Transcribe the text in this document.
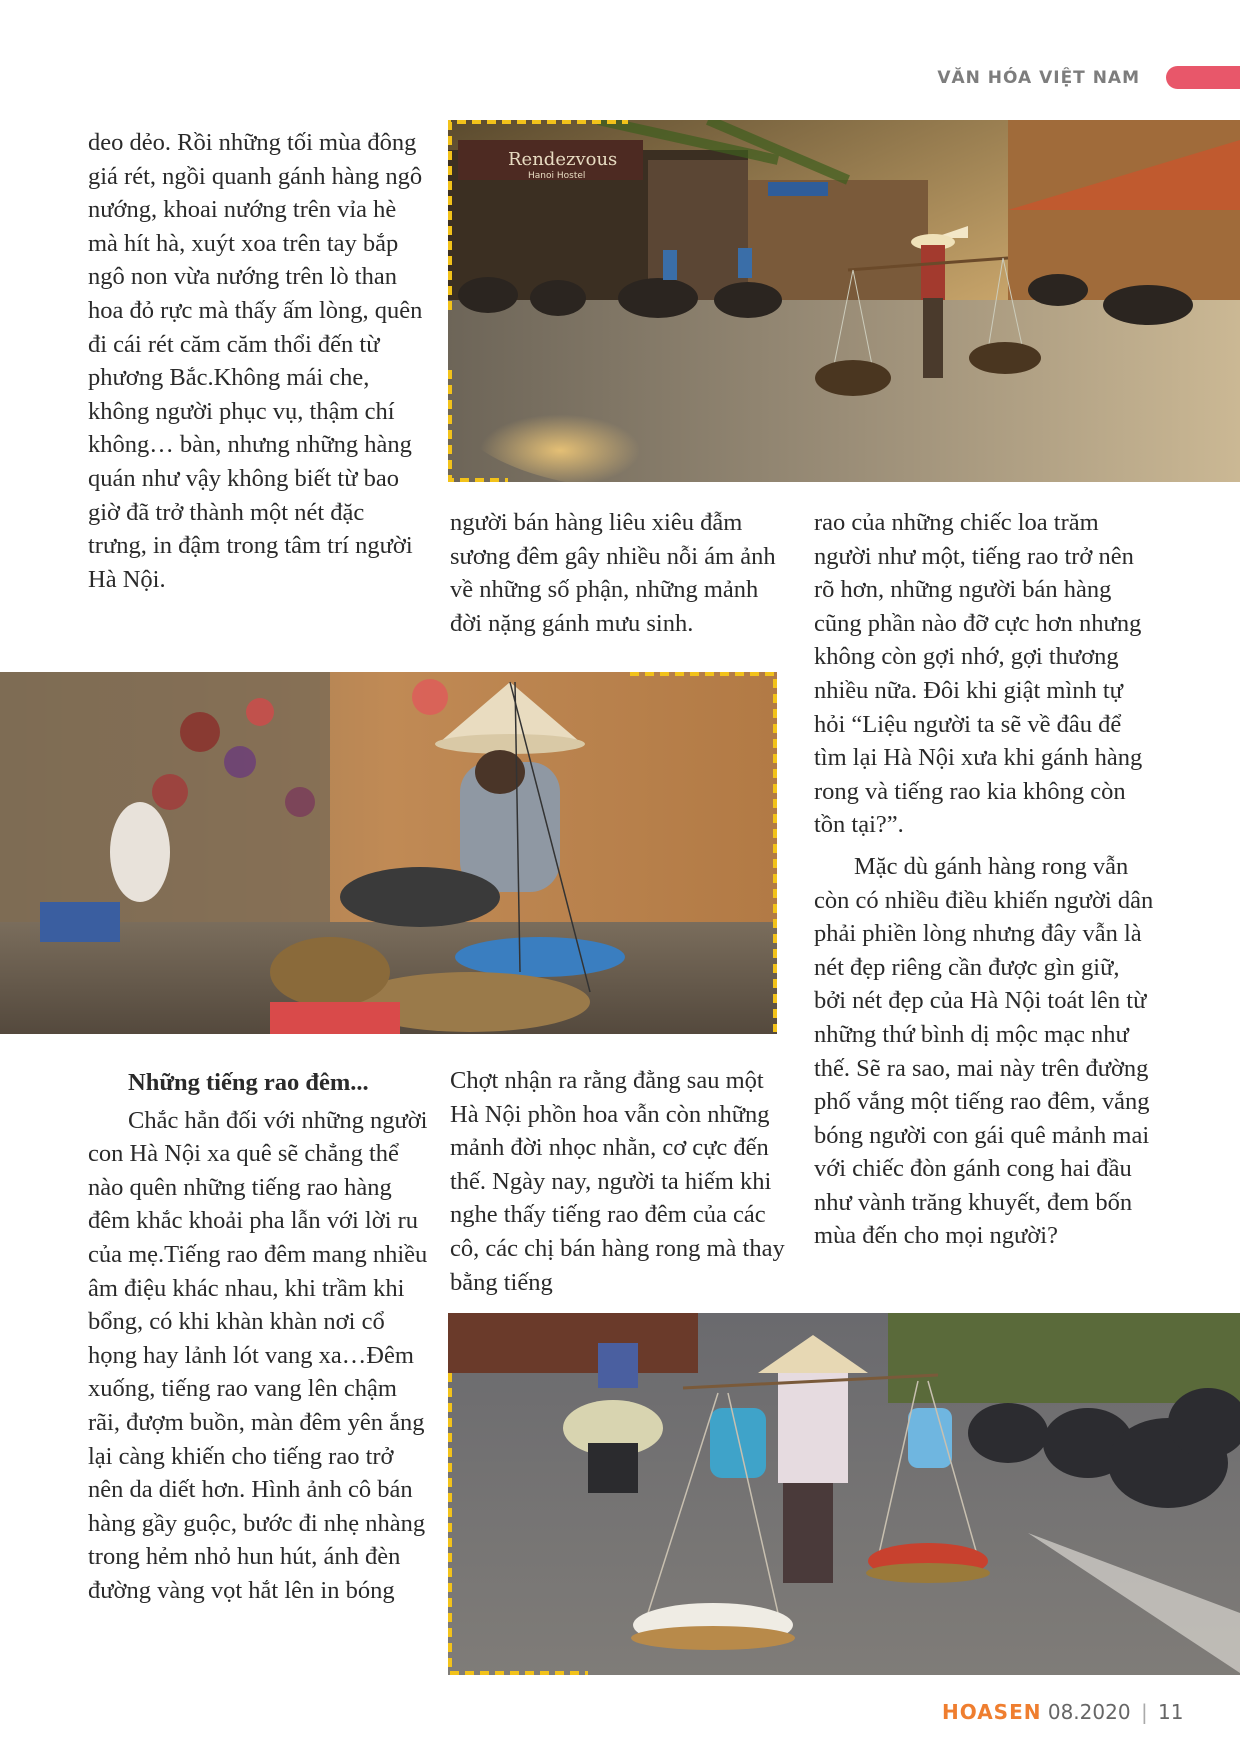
VĂN HÓA VIỆT NAM

deo dẻo. Rồi những tối mùa đông giá rét, ngồi quanh gánh hàng ngô nướng, khoai nướng trên vỉa hè mà hít hà, xuýt xoa trên tay bắp ngô non vừa nướng trên lò than hoa đỏ rực mà thấy ấm lòng, quên đi cái rét căm căm thổi đến từ phương Bắc.Không mái che, không người phục vụ, thậm chí không… bàn, nhưng những hàng quán như vậy không biết từ bao giờ đã trở thành một nét đặc trưng, in đậm trong tâm trí người Hà Nội.

Rendezvous
Hanoi Hostel

người bán hàng liêu xiêu đẫm sương đêm gây nhiều nỗi ám ảnh về những số phận, những mảnh đời nặng gánh mưu sinh.

rao của những chiếc loa trăm người như một, tiếng rao trở nên rõ hơn, những người bán hàng cũng phần nào đỡ cực hơn nhưng không còn gợi nhớ, gợi thương nhiều nữa. Đôi khi giật mình tự hỏi “Liệu người ta sẽ về đâu để tìm lại Hà Nội xưa khi gánh hàng rong và tiếng rao kia không còn tồn tại?”.

Mặc dù gánh hàng rong vẫn còn có nhiều điều khiến người dân phải phiền lòng nhưng đây vẫn là nét đẹp riêng cần được gìn giữ, bởi nét đẹp của Hà Nội toát lên từ những thứ bình dị mộc mạc như thế. Sẽ ra sao, mai này trên đường phố vắng một tiếng rao đêm, vắng bóng người con gái quê mảnh mai với chiếc đòn gánh cong hai đầu như vành trăng khuyết, đem bốn mùa đến cho mọi người?

Những tiếng rao đêm...

Chắc hẳn đối với những người con Hà Nội xa quê sẽ chẳng thể nào quên những tiếng rao hàng đêm khắc khoải pha lẫn với lời ru của mẹ.Tiếng rao đêm mang nhiều âm điệu khác nhau, khi trầm khi bổng, có khi khàn khàn nơi cổ họng hay lảnh lót vang xa…Đêm xuống, tiếng rao vang lên chậm rãi, đượm buồn, màn đêm yên ắng lại càng khiến cho tiếng rao trở nên da diết hơn. Hình ảnh cô bán hàng gầy guộc, bước đi nhẹ nhàng trong hẻm nhỏ hun hút, ánh đèn đường vàng vọt hắt lên in bóng

Chợt nhận ra rằng đằng sau một Hà Nội phồn hoa vẫn còn những mảnh đời nhọc nhằn, cơ cực đến thế. Ngày nay, người ta hiếm khi nghe thấy tiếng rao đêm của các cô, các chị bán hàng rong mà thay bằng tiếng

HOASEN 08.2020 | 11
